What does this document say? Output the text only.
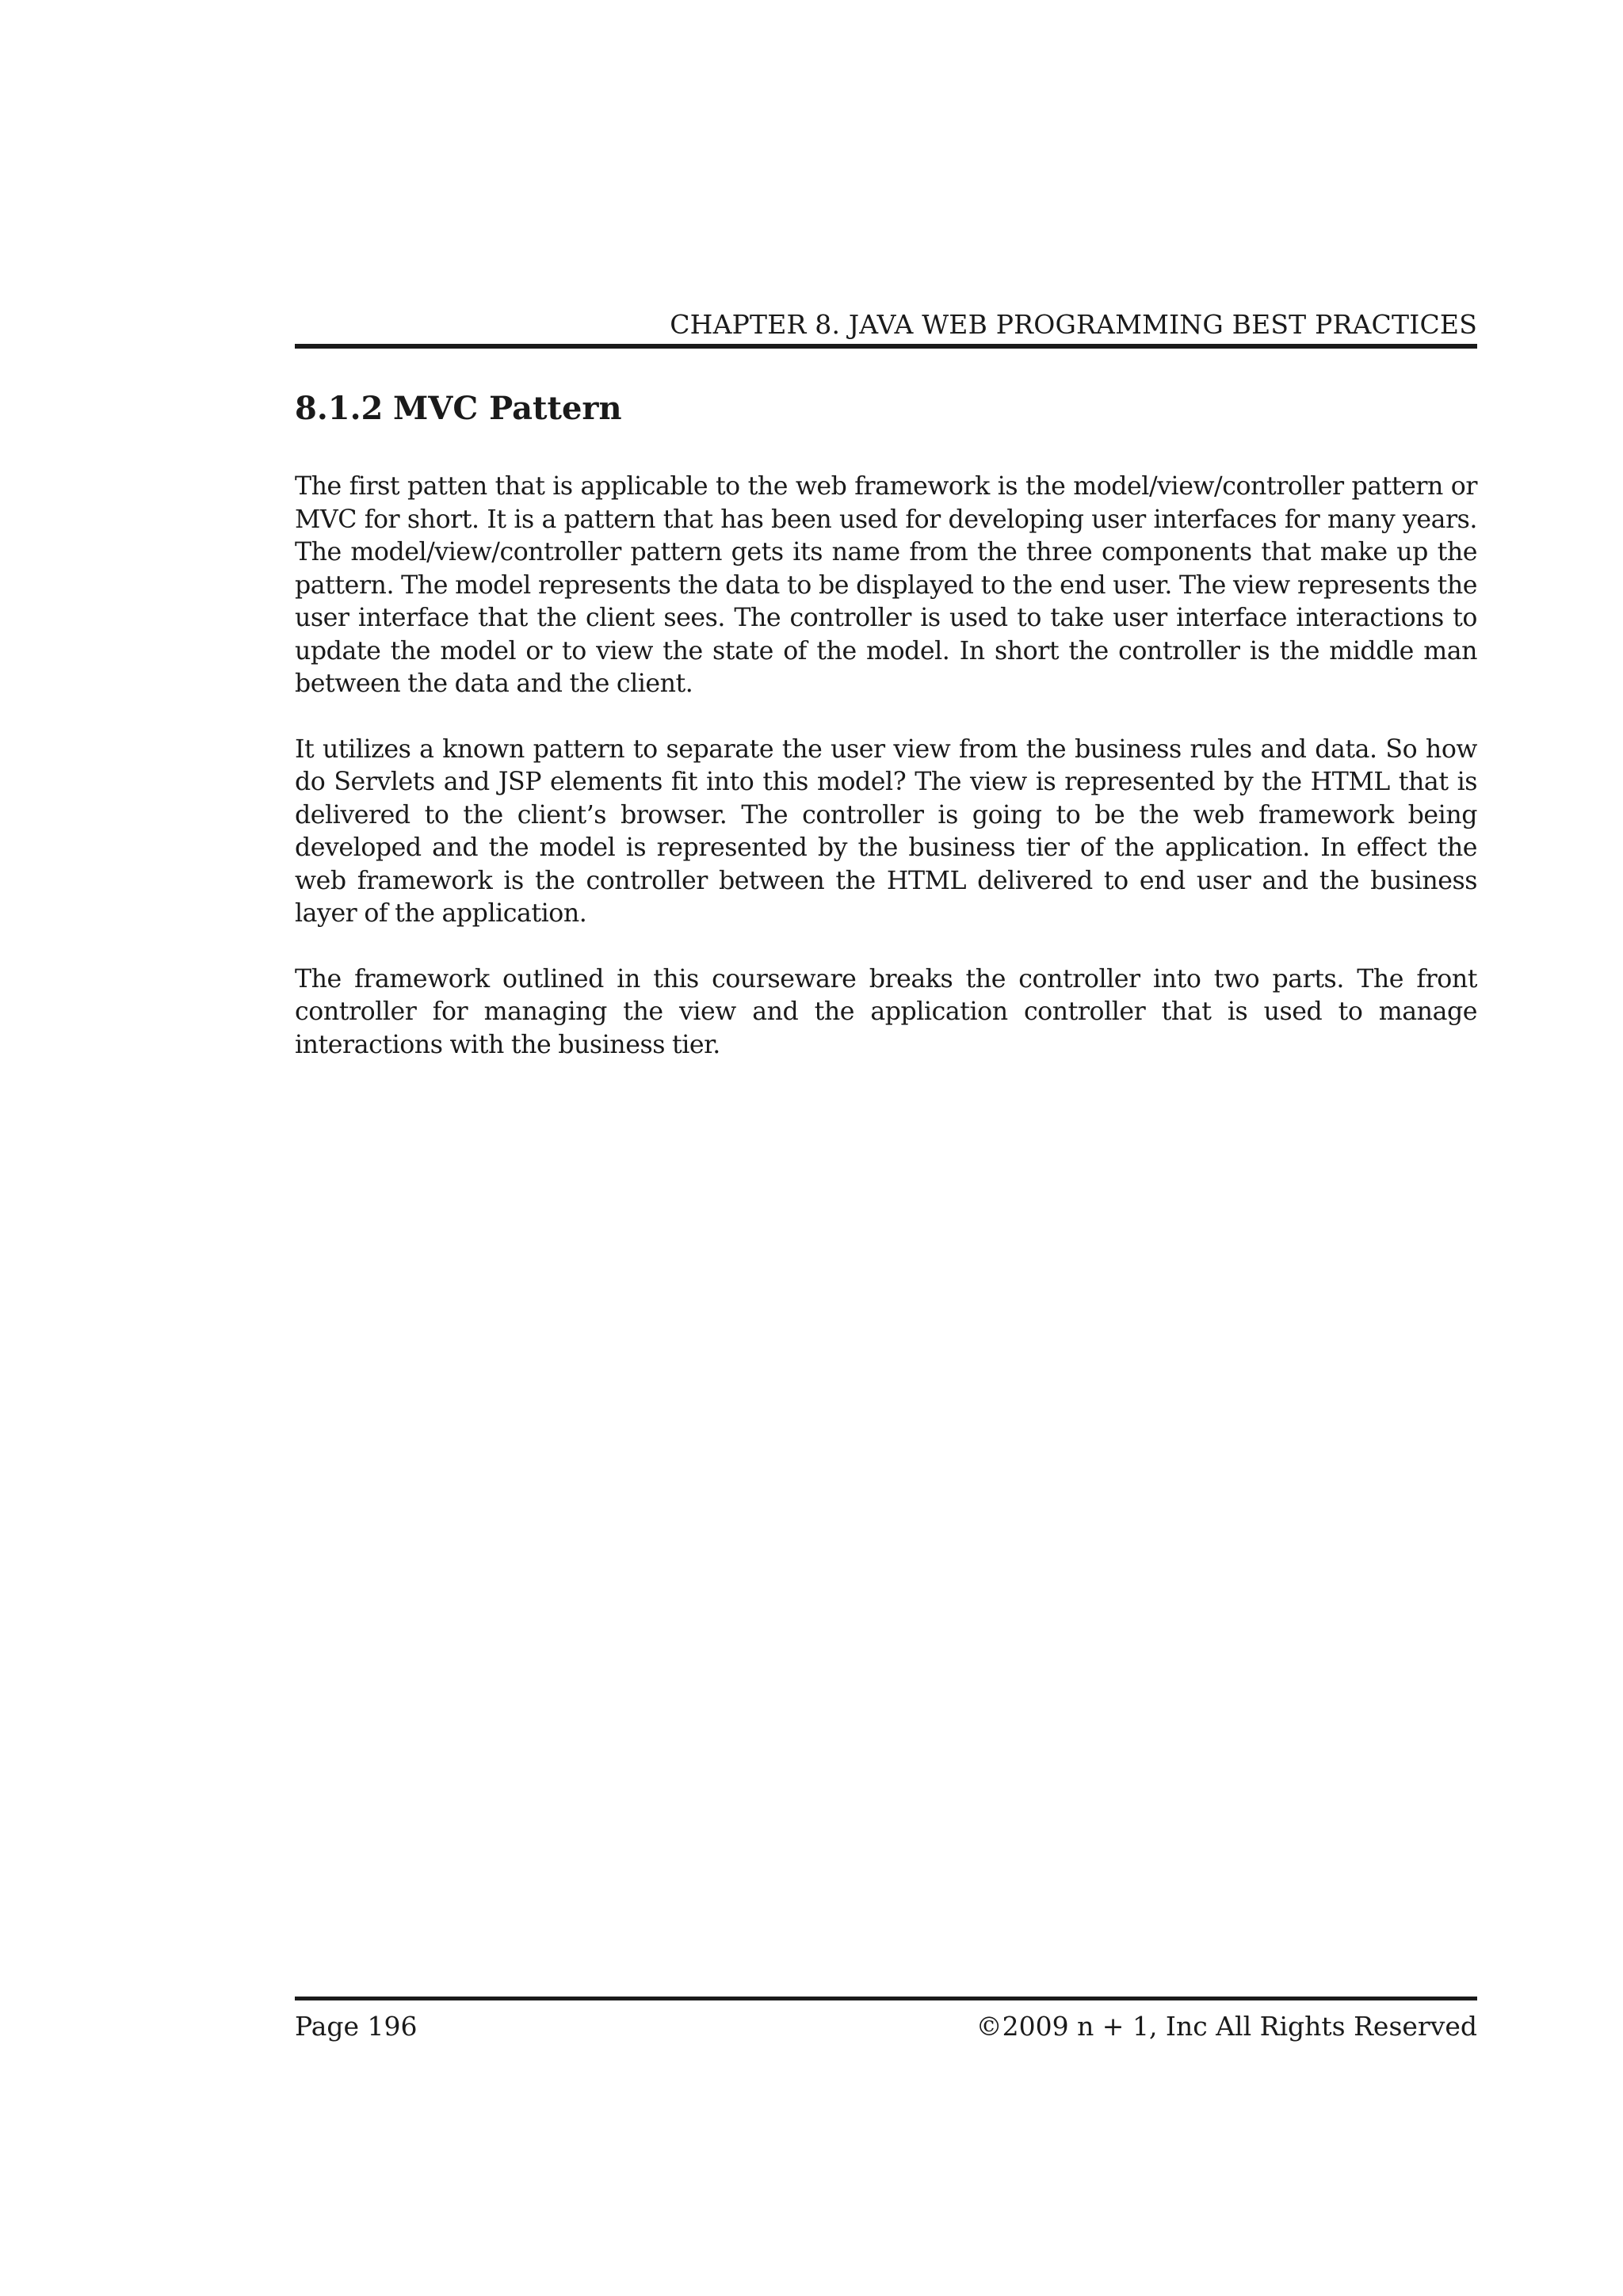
CHAPTER 8. JAVA WEB PROGRAMMING BEST PRACTICES
8.1.2 MVC Pattern

The first patten that is applicable to the web framework is the model/view/controller pattern or MVC for short. It is a pattern that has been used for developing user interfaces for many years. The model/view/controller pattern gets its name from the three components that make up the pattern. The model represents the data to be displayed to the end user. The view represents the user interface that the client sees. The controller is used to take user interface interactions to update the model or to view the state of the model. In short the controller is the middle man between the data and the client.

It utilizes a known pattern to separate the user view from the business rules and data. So how do Servlets and JSP elements fit into this model? The view is represented by the HTML that is delivered to the client’s browser. The controller is going to be the web framework being developed and the model is represented by the business tier of the application. In effect the web framework is the controller between the HTML delivered to end user and the business layer of the application.

The framework outlined in this courseware breaks the controller into two parts. The front controller for managing the view and the application controller that is used to manage interactions with the business tier.

Page 196	©2009 n + 1, Inc All Rights Reserved
